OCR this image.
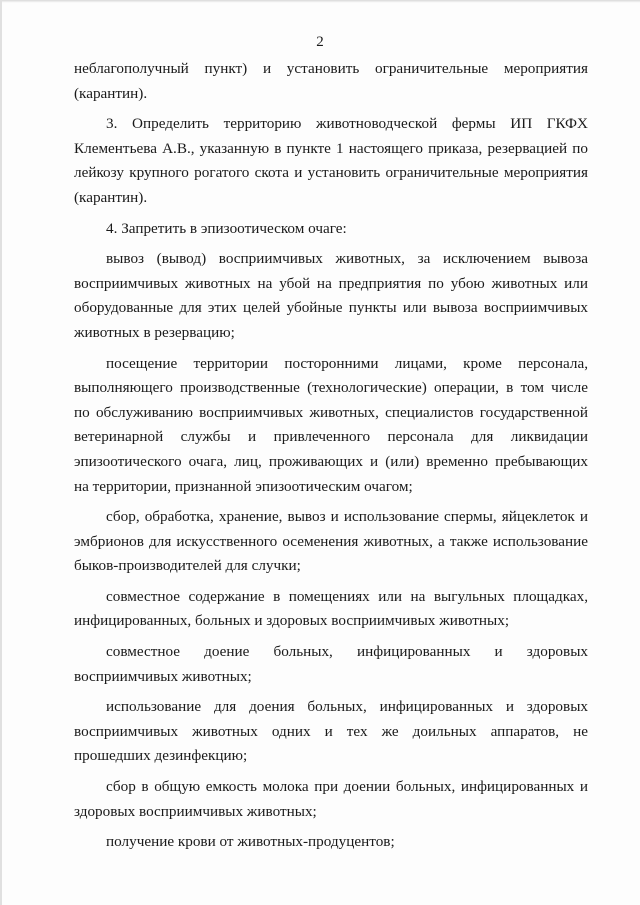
2
неблагополучный пункт) и установить ограничительные мероприятия
(карантин).
3. Определить территорию животноводческой фермы ИП ГКФХ
Клементьева А.В., указанную в пункте 1 настоящего приказа, резервацией по
лейкозу крупного рогатого скота и установить ограничительные мероприятия
(карантин).
4. Запретить в эпизоотическом очаге:
вывоз (вывод) восприимчивых животных, за исключением вывоза
восприимчивых животных на убой на предприятия по убою животных или
оборудованные для этих целей убойные пункты или вывоза восприимчивых
животных в резервацию;
посещение территории посторонними лицами, кроме персонала,
выполняющего производственные (технологические) операции, в том числе
по обслуживанию восприимчивых животных, специалистов государственной
ветеринарной службы и привлеченного персонала для ликвидации
эпизоотического очага, лиц, проживающих и (или) временно пребывающих
на территории, признанной эпизоотическим очагом;
сбор, обработка, хранение, вывоз и использование спермы, яйцеклеток и
эмбрионов для искусственного осеменения животных, а также использование
быков-производителей для случки;
совместное содержание в помещениях или на выгульных площадках,
инфицированных, больных и здоровых восприимчивых животных;
совместное доение больных, инфицированных и здоровых
восприимчивых животных;
использование для доения больных, инфицированных и здоровых
восприимчивых животных одних и тех же доильных аппаратов, не
прошедших дезинфекцию;
сбор в общую емкость молока при доении больных, инфицированных и
здоровых восприимчивых животных;
получение крови от животных-продуцентов;
